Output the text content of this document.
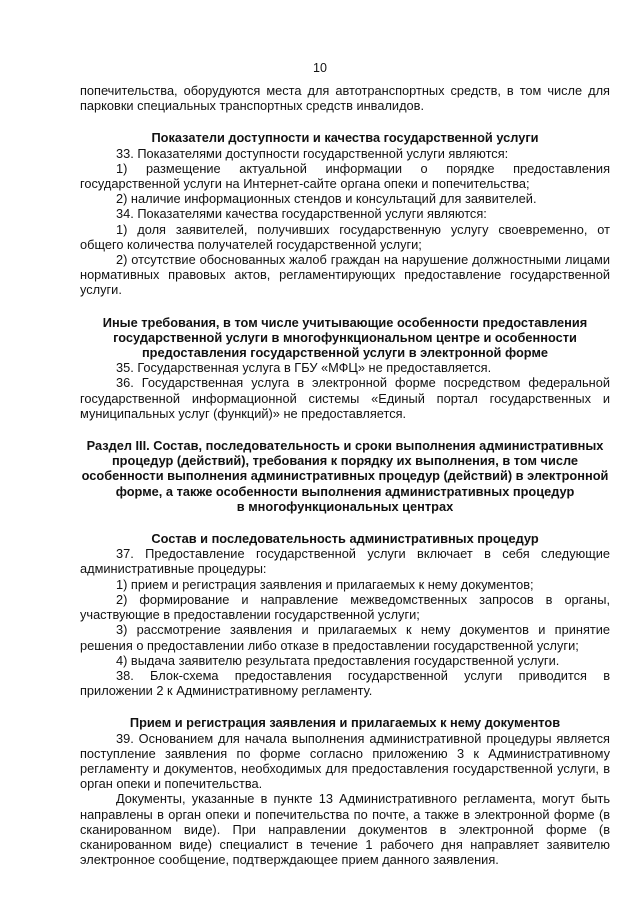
10

попечительства, оборудуются места для автотранспортных средств, в том числе для парковки специальных транспортных средств инвалидов.

Показатели доступности и качества государственной услуги

33. Показателями доступности государственной услуги являются:

1) размещение актуальной информации о порядке предоставления государственной услуги на Интернет-сайте органа опеки и попечительства;

2) наличие информационных стендов и консультаций для заявителей.

34. Показателями качества государственной услуги являются:

1) доля заявителей, получивших государственную услугу своевременно, от общего количества получателей государственной услуги;

2) отсутствие обоснованных жалоб граждан на нарушение должностными лицами нормативных правовых актов, регламентирующих предоставление государственной услуги.

Иные требования, в том числе учитывающие особенности предоставления
государственной услуги в многофункциональном центре и особенности
предоставления государственной услуги в электронной форме

35. Государственная услуга в ГБУ «МФЦ» не предоставляется.

36. Государственная услуга в электронной форме посредством федеральной государственной информационной системы «Единый портал государственных и муниципальных услуг (функций)» не предоставляется.

Раздел III. Состав, последовательность и сроки выполнения административных
процедур (действий), требования к порядку их выполнения, в том числе
особенности выполнения административных процедур (действий) в электронной
форме, а также особенности выполнения административных процедур
в многофункциональных центрах
Состав и последовательность административных процедур

37. Предоставление государственной услуги включает в себя следующие административные процедуры:

1) прием и регистрация заявления и прилагаемых к нему документов;

2) формирование и направление межведомственных запросов в органы, участвующие в предоставлении государственной услуги;

3) рассмотрение заявления и прилагаемых к нему документов и принятие решения о предоставлении либо отказе в предоставлении государственной услуги;

4) выдача заявителю результата предоставления государственной услуги.

38. Блок-схема предоставления государственной услуги приводится в приложении 2 к Административному регламенту.

Прием и регистрация заявления и прилагаемых к нему документов

39. Основанием для начала выполнения административной процедуры является поступление заявления по форме согласно приложению 3 к Административному регламенту и документов, необходимых для предоставления государственной услуги, в орган опеки и попечительства.

Документы, указанные в пункте 13 Административного регламента, могут быть направлены в орган опеки и попечительства по почте, а также в электронной форме (в сканированном виде). При направлении документов в электронной форме (в сканированном виде) специалист в течение 1 рабочего дня направляет заявителю электронное сообщение, подтверждающее прием данного заявления.
